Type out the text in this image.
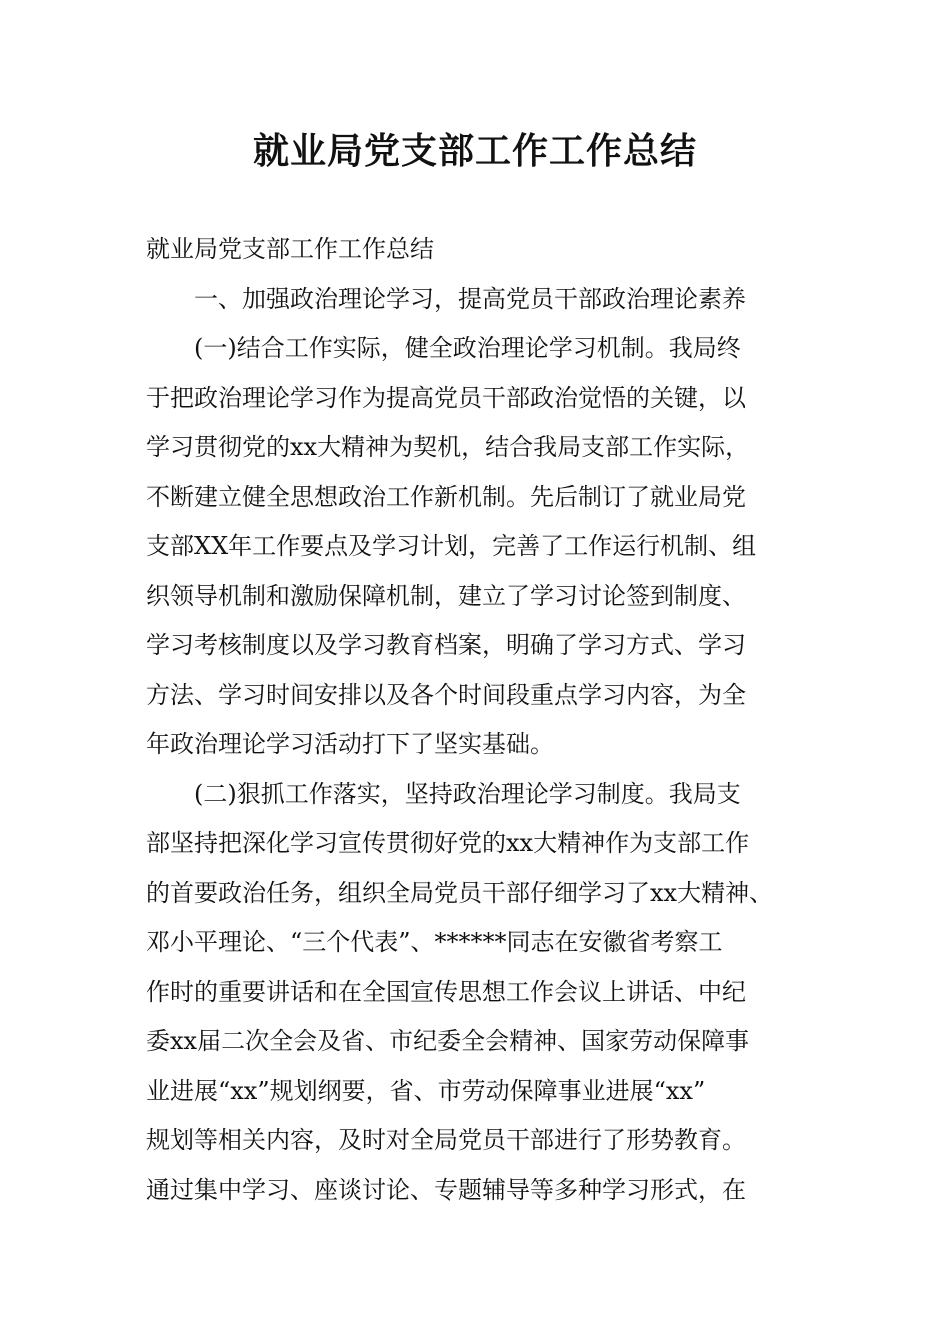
就业局党支部工作工作总结
就业局党支部工作工作总结
一、加强政治理论学习，提高党员干部政治理论素养
(一)结合工作实际，健全政治理论学习机制。我局终
于把政治理论学习作为提高党员干部政治觉悟的关键，以
学习贯彻党的xx大精神为契机，结合我局支部工作实际，
不断建立健全思想政治工作新机制。先后制订了就业局党
支部XX年工作要点及学习计划，完善了工作运行机制、组
织领导机制和激励保障机制，建立了学习讨论签到制度、
学习考核制度以及学习教育档案，明确了学习方式、学习
方法、学习时间安排以及各个时间段重点学习内容，为全
年政治理论学习活动打下了坚实基础。
(二)狠抓工作落实，坚持政治理论学习制度。我局支
部坚持把深化学习宣传贯彻好党的xx大精神作为支部工作
的首要政治任务，组织全局党员干部仔细学习了xx大精神、
邓小平理论、“三个代表”、******同志在安徽省考察工
作时的重要讲话和在全国宣传思想工作会议上讲话、中纪
委xx届二次全会及省、市纪委全会精神、国家劳动保障事
业进展“xx”规划纲要，省、市劳动保障事业进展“xx”
规划等相关内容，及时对全局党员干部进行了形势教育。
通过集中学习、座谈讨论、专题辅导等多种学习形式，在
